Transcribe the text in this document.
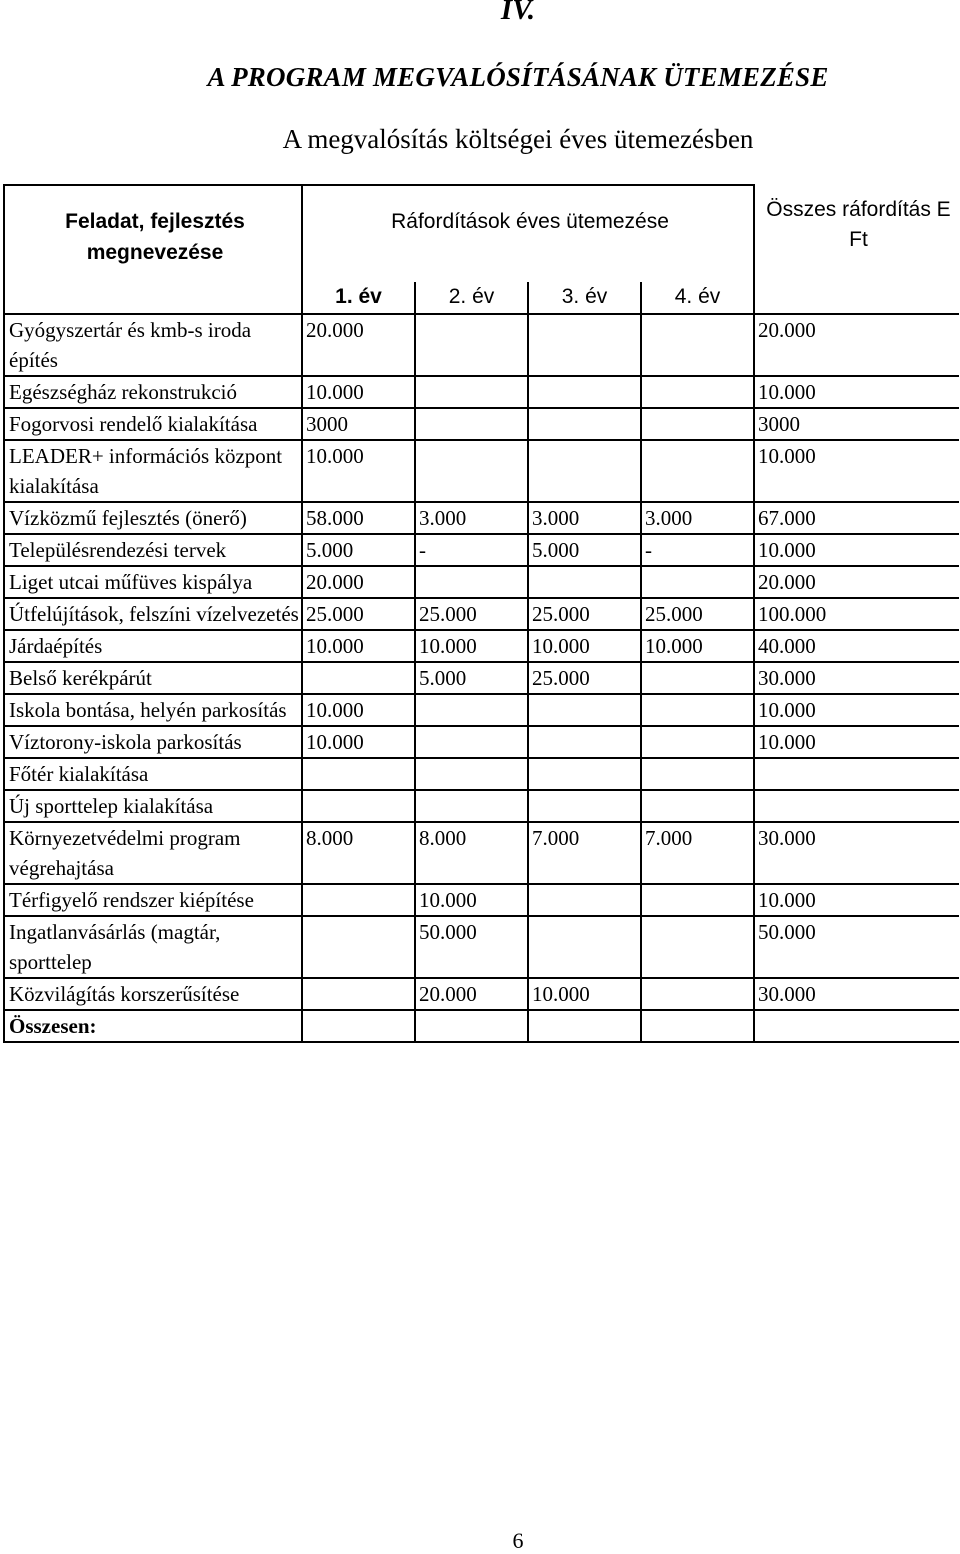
IV.
A PROGRAM MEGVALÓSÍTÁSÁNAK ÜTEMEZÉSE
A megvalósítás költségei éves ütemezésben
Feladat, fejlesztés megnevezése	Ráfordítások éves ütemezése				Összes ráfordítás E Ft
	1. év	2. év	3. év	4. év	
Gyógyszertár és kmb-s iroda építés	20.000				20.000
Egészségház rekonstrukció	10.000				10.000
Fogorvosi rendelő kialakítása	3000				3000
LEADER+ információs központ kialakítása	10.000				10.000
Vízközmű fejlesztés (önerő)	58.000	3.000	3.000	3.000	67.000
Településrendezési tervek	5.000	-	5.000	-	10.000
Liget utcai műfüves kispálya	20.000				20.000
Útfelújítások, felszíni vízelvezetés	25.000	25.000	25.000	25.000	100.000
Járdaépítés	10.000	10.000	10.000	10.000	40.000
Belső kerékpárút		5.000	25.000		30.000
Iskola bontása, helyén parkosítás	10.000				10.000
Víztorony-iskola parkosítás	10.000				10.000
Főtér kialakítása					
Új sporttelep kialakítása					
Környezetvédelmi program végrehajtása	8.000	8.000	7.000	7.000	30.000
Térfigyelő rendszer kiépítése		10.000			10.000
Ingatlanvásárlás (magtár, sporttelep		50.000			50.000
Közvilágítás korszerűsítése		20.000	10.000		30.000
Összesen:					
6
